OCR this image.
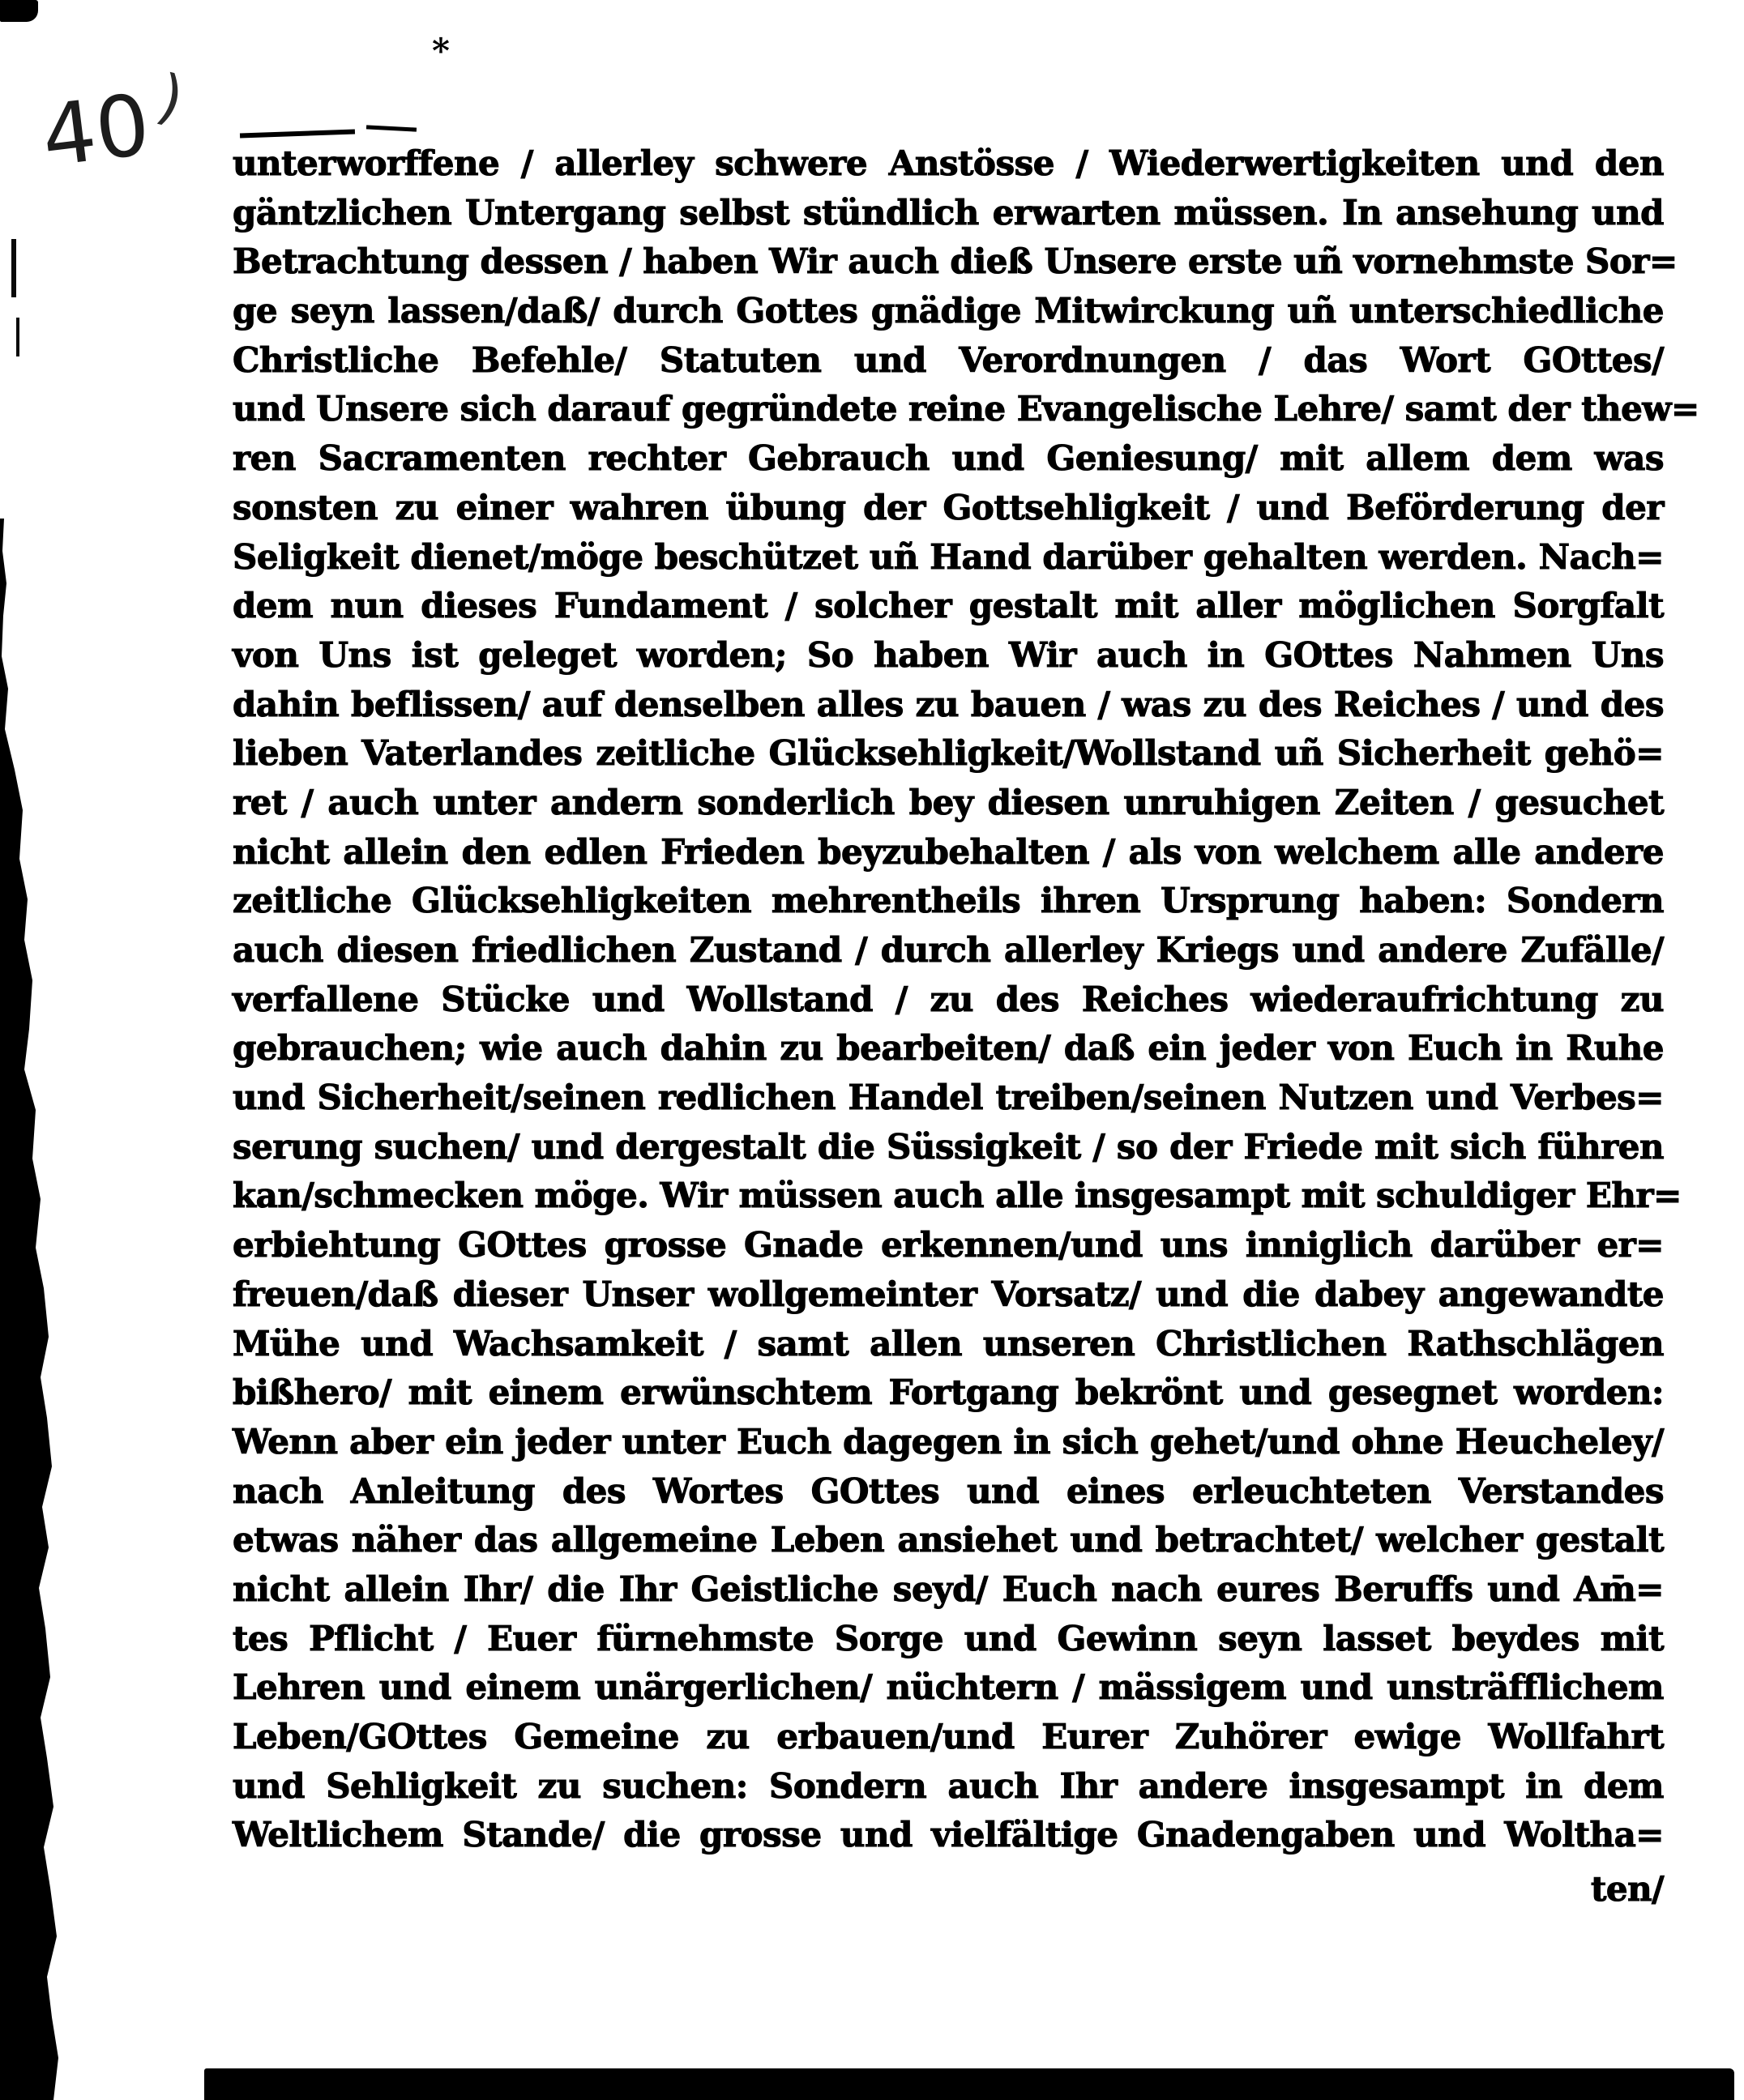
40
)
*
unterworffene / allerley schwere Anstösse / Wiederwertigkeiten und den
gäntzlichen Untergang selbst stündlich erwarten müssen. In ansehung und
Betrachtung dessen / haben Wir auch dieß Unsere erste uñ vornehmste Sor=
ge seyn lassen/daß/ durch Gottes gnädige Mitwirckung uñ unterschiedliche
Christliche Befehle/ Statuten und Verordnungen / das Wort GOttes/
und Unsere sich darauf gegründete reine Evangelische Lehre/ samt der thew=
ren Sacramenten rechter Gebrauch und Geniesung/ mit allem dem was
sonsten zu einer wahren übung der Gottsehligkeit / und Beförderung der
Seligkeit dienet/möge beschützet uñ Hand darüber gehalten werden. Nach=
dem nun dieses Fundament / solcher gestalt mit aller möglichen Sorgfalt
von Uns ist geleget worden; So haben Wir auch in GOttes Nahmen Uns
dahin beflissen/ auf denselben alles zu bauen / was zu des Reiches / und des
lieben Vaterlandes zeitliche Glücksehligkeit/Wollstand uñ Sicherheit gehö=
ret / auch unter andern sonderlich bey diesen unruhigen Zeiten / gesuchet
nicht allein den edlen Frieden beyzubehalten / als von welchem alle andere
zeitliche Glücksehligkeiten mehrentheils ihren Ursprung haben: Sondern
auch diesen friedlichen Zustand / durch allerley Kriegs und andere Zufälle/
verfallene Stücke und Wollstand / zu des Reiches wiederaufrichtung zu
gebrauchen; wie auch dahin zu bearbeiten/ daß ein jeder von Euch in Ruhe
und Sicherheit/seinen redlichen Handel treiben/seinen Nutzen und Verbes=
serung suchen/ und dergestalt die Süssigkeit / so der Friede mit sich führen
kan/schmecken möge. Wir müssen auch alle insgesampt mit schuldiger Ehr=
erbiehtung GOttes grosse Gnade erkennen/und uns inniglich darüber er=
freuen/daß dieser Unser wollgemeinter Vorsatz/ und die dabey angewandte
Mühe und Wachsamkeit / samt allen unseren Christlichen Rathschlägen
bißhero/ mit einem erwünschtem Fortgang bekrönt und gesegnet worden:
Wenn aber ein jeder unter Euch dagegen in sich gehet/und ohne Heucheley/
nach Anleitung des Wortes GOttes und eines erleuchteten Verstandes
etwas näher das allgemeine Leben ansiehet und betrachtet/ welcher gestalt
nicht allein Ihr/ die Ihr Geistliche seyd/ Euch nach eures Beruffs und Am̄=
tes Pflicht / Euer fürnehmste Sorge und Gewinn seyn lasset beydes mit
Lehren und einem unärgerlichen/ nüchtern / mässigem und unsträfflichem
Leben/GOttes Gemeine zu erbauen/und Eurer Zuhörer ewige Wollfahrt
und Sehligkeit zu suchen: Sondern auch Ihr andere insgesampt in dem
Weltlichem Stande/ die grosse und vielfältige Gnadengaben und Woltha=
ten/
